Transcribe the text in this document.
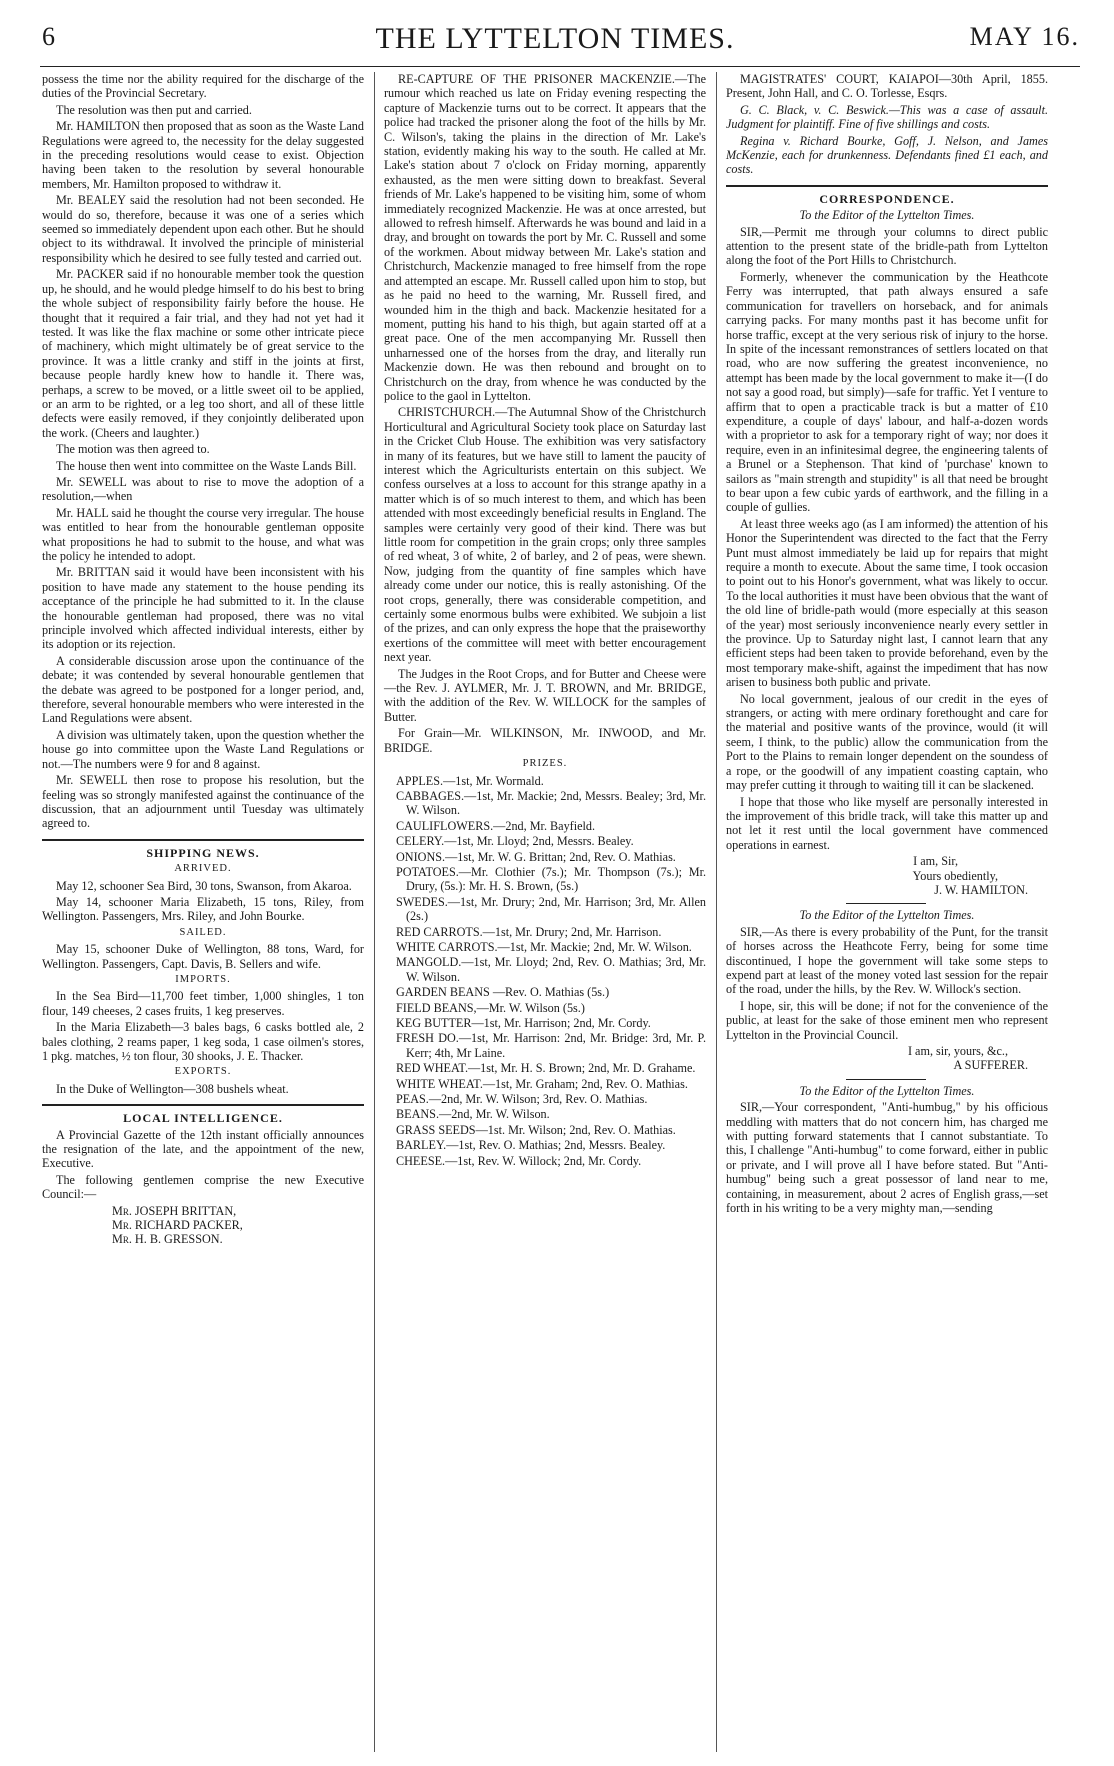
6	THE LYTTELTON TIMES.	MAY 16.

possess the time nor the ability required for the discharge of the duties of the Provincial Secretary.

The resolution was then put and carried.

Mr. HAMILTON then proposed that as soon as the Waste Land Regulations were agreed to, the necessity for the delay suggested in the preceding resolutions would cease to exist. Objection having been taken to the resolution by several honourable members, Mr. Hamilton proposed to withdraw it.

Mr. BEALEY said the resolution had not been seconded. He would do so, therefore, because it was one of a series which seemed so immediately dependent upon each other. But he should object to its withdrawal. It involved the principle of ministerial responsibility which he desired to see fully tested and carried out.

Mr. PACKER said if no honourable member took the question up, he should, and he would pledge himself to do his best to bring the whole subject of responsibility fairly before the house. He thought that it required a fair trial, and they had not yet had it tested. It was like the flax machine or some other intricate piece of machinery, which might ultimately be of great service to the province. It was a little cranky and stiff in the joints at first, because people hardly knew how to handle it. There was, perhaps, a screw to be moved, or a little sweet oil to be applied, or an arm to be righted, or a leg too short, and all of these little defects were easily removed, if they conjointly deliberated upon the work. (Cheers and laughter.)

The motion was then agreed to.

The house then went into committee on the Waste Lands Bill.

Mr. SEWELL was about to rise to move the adoption of a resolution,—when

Mr. HALL said he thought the course very irregular. The house was entitled to hear from the honourable gentleman opposite what propositions he had to submit to the house, and what was the policy he intended to adopt.

Mr. BRITTAN said it would have been inconsistent with his position to have made any statement to the house pending its acceptance of the principle he had submitted to it. In the clause the honourable gentleman had proposed, there was no vital principle involved which affected individual interests, either by its adoption or its rejection.

A considerable discussion arose upon the continuance of the debate; it was contended by several honourable gentlemen that the debate was agreed to be postponed for a longer period, and, therefore, several honourable members who were interested in the Land Regulations were absent.

A division was ultimately taken, upon the question whether the house go into committee upon the Waste Land Regulations or not.—The numbers were 9 for and 8 against.

Mr. SEWELL then rose to propose his resolution, but the feeling was so strongly manifested against the continuance of the discussion, that an adjournment until Tuesday was ultimately agreed to.

SHIPPING NEWS.
ARRIVED.

May 12, schooner Sea Bird, 30 tons, Swanson, from Akaroa.

May 14, schooner Maria Elizabeth, 15 tons, Riley, from Wellington. Passengers, Mrs. Riley, and John Bourke.

SAILED.

May 15, schooner Duke of Wellington, 88 tons, Ward, for Wellington. Passengers, Capt. Davis, B. Sellers and wife.

IMPORTS.

In the Sea Bird—11,700 feet timber, 1,000 shingles, 1 ton flour, 149 cheeses, 2 cases fruits, 1 keg preserves.

In the Maria Elizabeth—3 bales bags, 6 casks bottled ale, 2 bales clothing, 2 reams paper, 1 keg soda, 1 case oilmen's stores, 1 pkg. matches, ½ ton flour, 30 shooks, J. E. Thacker.

EXPORTS.

In the Duke of Wellington—308 bushels wheat.

LOCAL INTELLIGENCE.

A Provincial Gazette of the 12th instant officially announces the resignation of the late, and the appointment of the new, Executive.

The following gentlemen comprise the new Executive Council:—

Mr. JOSEPH BRITTAN,
Mr. RICHARD PACKER,
Mr. H. B. GRESSON.

RE-CAPTURE OF THE PRISONER MACKENZIE.—The rumour which reached us late on Friday evening respecting the capture of Mackenzie turns out to be correct. It appears that the police had tracked the prisoner along the foot of the hills by Mr. C. Wilson's, taking the plains in the direction of Mr. Lake's station, evidently making his way to the south. He called at Mr. Lake's station about 7 o'clock on Friday morning, apparently exhausted, as the men were sitting down to breakfast. Several friends of Mr. Lake's happened to be visiting him, some of whom immediately recognized Mackenzie. He was at once arrested, but allowed to refresh himself. Afterwards he was bound and laid in a dray, and brought on towards the port by Mr. C. Russell and some of the workmen. About midway between Mr. Lake's station and Christchurch, Mackenzie managed to free himself from the rope and attempted an escape. Mr. Russell called upon him to stop, but as he paid no heed to the warning, Mr. Russell fired, and wounded him in the thigh and back. Mackenzie hesitated for a moment, putting his hand to his thigh, but again started off at a great pace. One of the men accompanying Mr. Russell then unharnessed one of the horses from the dray, and literally run Mackenzie down. He was then rebound and brought on to Christchurch on the dray, from whence he was conducted by the police to the gaol in Lyttelton.

CHRISTCHURCH.—The Autumnal Show of the Christchurch Horticultural and Agricultural Society took place on Saturday last in the Cricket Club House. The exhibition was very satisfactory in many of its features, but we have still to lament the paucity of interest which the Agriculturists entertain on this subject. We confess ourselves at a loss to account for this strange apathy in a matter which is of so much interest to them, and which has been attended with most exceedingly beneficial results in England. The samples were certainly very good of their kind. There was but little room for competition in the grain crops; only three samples of red wheat, 3 of white, 2 of barley, and 2 of peas, were shewn. Now, judging from the quantity of fine samples which have already come under our notice, this is really astonishing. Of the root crops, generally, there was considerable competition, and certainly some enormous bulbs were exhibited. We subjoin a list of the prizes, and can only express the hope that the praiseworthy exertions of the committee will meet with better encouragement next year.

The Judges in the Root Crops, and for Butter and Cheese were—the Rev. J. AYLMER, Mr. J. T. BROWN, and Mr. BRIDGE, with the addition of the Rev. W. WILLOCK for the samples of Butter.

For Grain—Mr. WILKINSON, Mr. INWOOD, and Mr. BRIDGE.

PRIZES.
APPLES.—1st, Mr. Wormald.
CABBAGES.—1st, Mr. Mackie; 2nd, Messrs. Bealey; 3rd, Mr. W. Wilson.
CAULIFLOWERS.—2nd, Mr. Bayfield.
CELERY.—1st, Mr. Lloyd; 2nd, Messrs. Bealey.
ONIONS.—1st, Mr. W. G. Brittan; 2nd, Rev. O. Mathias.
POTATOES.—Mr. Clothier (7s.); Mr. Thompson (7s.); Mr. Drury, (5s.): Mr. H. S. Brown, (5s.)
SWEDES.—1st, Mr. Drury; 2nd, Mr. Harrison; 3rd, Mr. Allen (2s.)
RED CARROTS.—1st, Mr. Drury; 2nd, Mr. Harrison.
WHITE CARROTS.—1st, Mr. Mackie; 2nd, Mr. W. Wilson.
MANGOLD.—1st, Mr. Lloyd; 2nd, Rev. O. Mathias; 3rd, Mr. W. Wilson.
GARDEN BEANS —Rev. O. Mathias (5s.)
FIELD BEANS,—Mr. W. Wilson (5s.)
KEG BUTTER—1st, Mr. Harrison; 2nd, Mr. Cordy.
FRESH DO.—1st, Mr. Harrison: 2nd, Mr. Bridge: 3rd, Mr. P. Kerr; 4th, Mr Laine.
RED WHEAT.—1st, Mr. H. S. Brown; 2nd, Mr. D. Grahame.
WHITE WHEAT.—1st, Mr. Graham; 2nd, Rev. O. Mathias.
PEAS.—2nd, Mr. W. Wilson; 3rd, Rev. O. Mathias.
BEANS.—2nd, Mr. W. Wilson.
GRASS SEEDS—1st. Mr. Wilson; 2nd, Rev. O. Mathias.
BARLEY.—1st, Rev. O. Mathias; 2nd, Messrs. Bealey.
CHEESE.—1st, Rev. W. Willock; 2nd, Mr. Cordy.

MAGISTRATES' COURT, KAIAPOI—30th April, 1855. Present, John Hall, and C. O. Torlesse, Esqrs.

G. C. Black, v. C. Beswick.—This was a case of assault. Judgment for plaintiff. Fine of five shillings and costs.

Regina v. Richard Bourke, Goff, J. Nelson, and James McKenzie, each for drunkenness. Defendants fined £1 each, and costs.

CORRESPONDENCE.
To the Editor of the Lyttelton Times.

SIR,—Permit me through your columns to direct public attention to the present state of the bridle-path from Lyttelton along the foot of the Port Hills to Christchurch.

Formerly, whenever the communication by the Heathcote Ferry was interrupted, that path always ensured a safe communication for travellers on horseback, and for animals carrying packs. For many months past it has become unfit for horse traffic, except at the very serious risk of injury to the horse. In spite of the incessant remonstrances of settlers located on that road, who are now suffering the greatest inconvenience, no attempt has been made by the local government to make it—(I do not say a good road, but simply)—safe for traffic. Yet I venture to affirm that to open a practicable track is but a matter of £10 expenditure, a couple of days' labour, and half-a-dozen words with a proprietor to ask for a temporary right of way; nor does it require, even in an infinitesimal degree, the engineering talents of a Brunel or a Stephenson. That kind of 'purchase' known to sailors as "main strength and stupidity" is all that need be brought to bear upon a few cubic yards of earthwork, and the filling in a couple of gullies.

At least three weeks ago (as I am informed) the attention of his Honor the Superintendent was directed to the fact that the Ferry Punt must almost immediately be laid up for repairs that might require a month to execute. About the same time, I took occasion to point out to his Honor's government, what was likely to occur. To the local authorities it must have been obvious that the want of the old line of bridle-path would (more especially at this season of the year) most seriously inconvenience nearly every settler in the province. Up to Saturday night last, I cannot learn that any efficient steps had been taken to provide beforehand, even by the most temporary make-shift, against the impediment that has now arisen to business both public and private.

No local government, jealous of our credit in the eyes of strangers, or acting with mere ordinary forethought and care for the material and positive wants of the province, would (it will seem, I think, to the public) allow the communication from the Port to the Plains to remain longer dependent on the soundess of a rope, or the goodwill of any impatient coasting captain, who may prefer cutting it through to waiting till it can be slackened.

I hope that those who like myself are personally interested in the improvement of this bridle track, will take this matter up and not let it rest until the local government have commenced operations in earnest.

I am, Sir,
Yours obediently,
J. W. HAMILTON.
To the Editor of the Lyttelton Times.

SIR,—As there is every probability of the Punt, for the transit of horses across the Heathcote Ferry, being for some time discontinued, I hope the government will take some steps to expend part at least of the money voted last session for the repair of the road, under the hills, by the Rev. W. Willock's section.

I hope, sir, this will be done; if not for the convenience of the public, at least for the sake of those eminent men who represent Lyttelton in the Provincial Council.

I am, sir, yours, &c.,
A SUFFERER.
To the Editor of the Lyttelton Times.

SIR,—Your correspondent, "Anti-humbug," by his officious meddling with matters that do not concern him, has charged me with putting forward statements that I cannot substantiate. To this, I challenge "Anti-humbug" to come forward, either in public or private, and I will prove all I have before stated. But "Anti-humbug" being such a great possessor of land near to me, containing, in measurement, about 2 acres of English grass,—set forth in his writing to be a very mighty man,—sending
